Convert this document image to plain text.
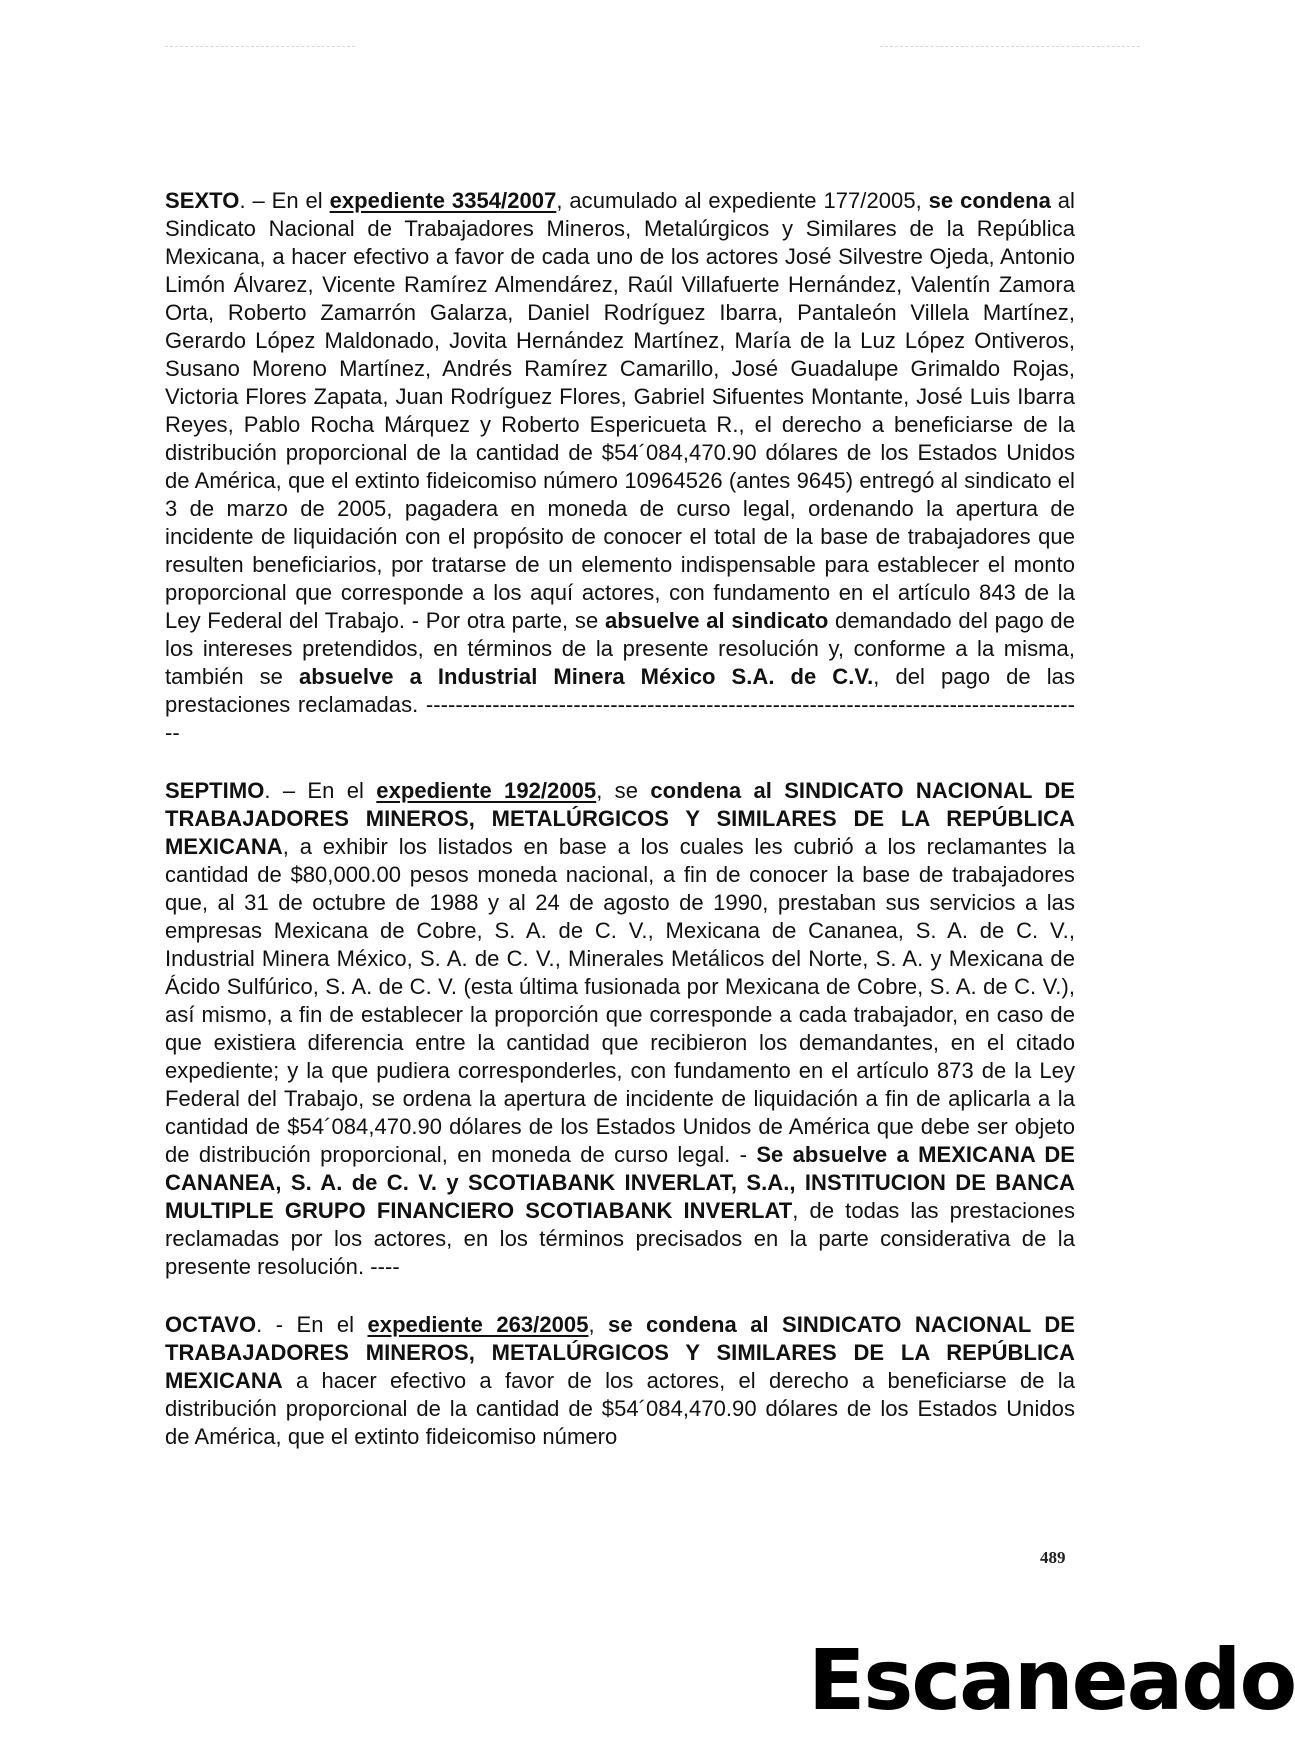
SEXTO. – En el expediente 3354/2007, acumulado al expediente 177/2005, se condena al Sindicato Nacional de Trabajadores Mineros, Metalúrgicos y Similares de la República Mexicana, a hacer efectivo a favor de cada uno de los actores José Silvestre Ojeda, Antonio Limón Álvarez, Vicente Ramírez Almendárez, Raúl Villafuerte Hernández, Valentín Zamora Orta, Roberto Zamarrón Galarza, Daniel Rodríguez Ibarra, Pantaleón Villela Martínez, Gerardo López Maldonado, Jovita Hernández Martínez, María de la Luz López Ontiveros, Susano Moreno Martínez, Andrés Ramírez Camarillo, José Guadalupe Grimaldo Rojas, Victoria Flores Zapata, Juan Rodríguez Flores, Gabriel Sifuentes Montante, José Luis Ibarra Reyes, Pablo Rocha Márquez y Roberto Espericueta R., el derecho a beneficiarse de la distribución proporcional de la cantidad de $54´084,470.90 dólares de los Estados Unidos de América, que el extinto fideicomiso número 10964526 (antes 9645) entregó al sindicato el 3 de marzo de 2005, pagadera en moneda de curso legal, ordenando la apertura de incidente de liquidación con el propósito de conocer el total de la base de trabajadores que resulten beneficiarios, por tratarse de un elemento indispensable para establecer el monto proporcional que corresponde a los aquí actores, con fundamento en el artículo 843 de la Ley Federal del Trabajo. - Por otra parte, se absuelve al sindicato demandado del pago de los intereses pretendidos, en términos de la presente resolución y, conforme a la misma, también se absuelve a Industrial Minera México S.A. de C.V., del pago de las prestaciones reclamadas. ------------------------------------------------------------------------------------------

SEPTIMO. – En el expediente 192/2005, se condena al SINDICATO NACIONAL DE TRABAJADORES MINEROS, METALÚRGICOS Y SIMILARES DE LA REPÚBLICA MEXICANA, a exhibir los listados en base a los cuales les cubrió a los reclamantes la cantidad de $80,000.00 pesos moneda nacional, a fin de conocer la base de trabajadores que, al 31 de octubre de 1988 y al 24 de agosto de 1990, prestaban sus servicios a las empresas Mexicana de Cobre, S. A. de C. V., Mexicana de Cananea, S. A. de C. V., Industrial Minera México, S. A. de C. V., Minerales Metálicos del Norte, S. A. y Mexicana de Ácido Sulfúrico, S. A. de C. V. (esta última fusionada por Mexicana de Cobre, S. A. de C. V.), así mismo, a fin de establecer la proporción que corresponde a cada trabajador, en caso de que existiera diferencia entre la cantidad que recibieron los demandantes, en el citado expediente; y la que pudiera corresponderles, con fundamento en el artículo 873 de la Ley Federal del Trabajo, se ordena la apertura de incidente de liquidación a fin de aplicarla a la cantidad de $54´084,470.90 dólares de los Estados Unidos de América que debe ser objeto de distribución proporcional, en moneda de curso legal. - Se absuelve a MEXICANA DE CANANEA, S. A. de C. V. y SCOTIABANK INVERLAT, S.A., INSTITUCION DE BANCA MULTIPLE GRUPO FINANCIERO SCOTIABANK INVERLAT, de todas las prestaciones reclamadas por los actores, en los términos precisados en la parte considerativa de la presente resolución. ----

OCTAVO. - En el expediente 263/2005, se condena al SINDICATO NACIONAL DE TRABAJADORES MINEROS, METALÚRGICOS Y SIMILARES DE LA REPÚBLICA MEXICANA a hacer efectivo a favor de los actores, el derecho a beneficiarse de la distribución proporcional de la cantidad de $54´084,470.90 dólares de los Estados Unidos de América, que el extinto fideicomiso número

489
Escaneado
